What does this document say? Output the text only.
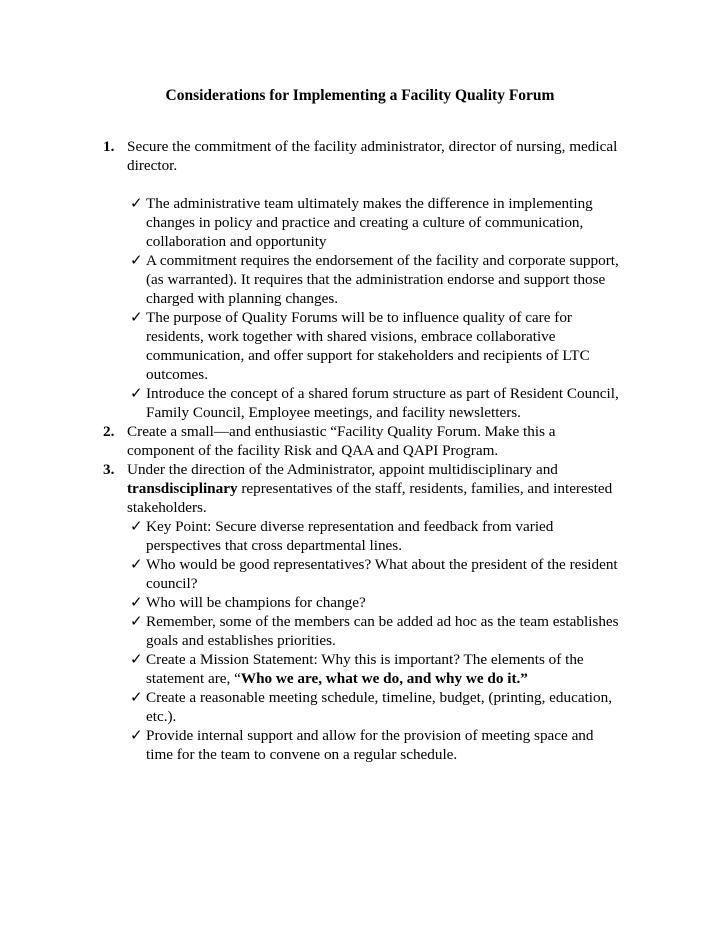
Considerations for Implementing a Facility Quality Forum
1. Secure the commitment of the facility administrator, director of nursing, medical director.
✓ The administrative team ultimately makes the difference in implementing changes in policy and practice and creating a culture of communication, collaboration and opportunity
✓ A commitment requires the endorsement of the facility and corporate support, (as warranted). It requires that the administration endorse and support those charged with planning changes.
✓ The purpose of Quality Forums will be to influence quality of care for residents, work together with shared visions, embrace collaborative communication, and offer support for stakeholders and recipients of LTC outcomes.
✓ Introduce the concept of a shared forum structure as part of Resident Council, Family Council, Employee meetings, and facility newsletters.
2. Create a small—and enthusiastic “Facility Quality Forum. Make this a component of the facility Risk and QAA and QAPI Program.
3. Under the direction of the Administrator, appoint multidisciplinary and transdisciplinary representatives of the staff, residents, families, and interested stakeholders.
✓ Key Point: Secure diverse representation and feedback from varied perspectives that cross departmental lines.
✓ Who would be good representatives? What about the president of the resident council?
✓ Who will be champions for change?
✓ Remember, some of the members can be added ad hoc as the team establishes goals and establishes priorities.
✓ Create a Mission Statement: Why this is important? The elements of the statement are, “Who we are, what we do, and why we do it.”
✓ Create a reasonable meeting schedule, timeline, budget, (printing, education, etc.).
✓ Provide internal support and allow for the provision of meeting space and time for the team to convene on a regular schedule.
